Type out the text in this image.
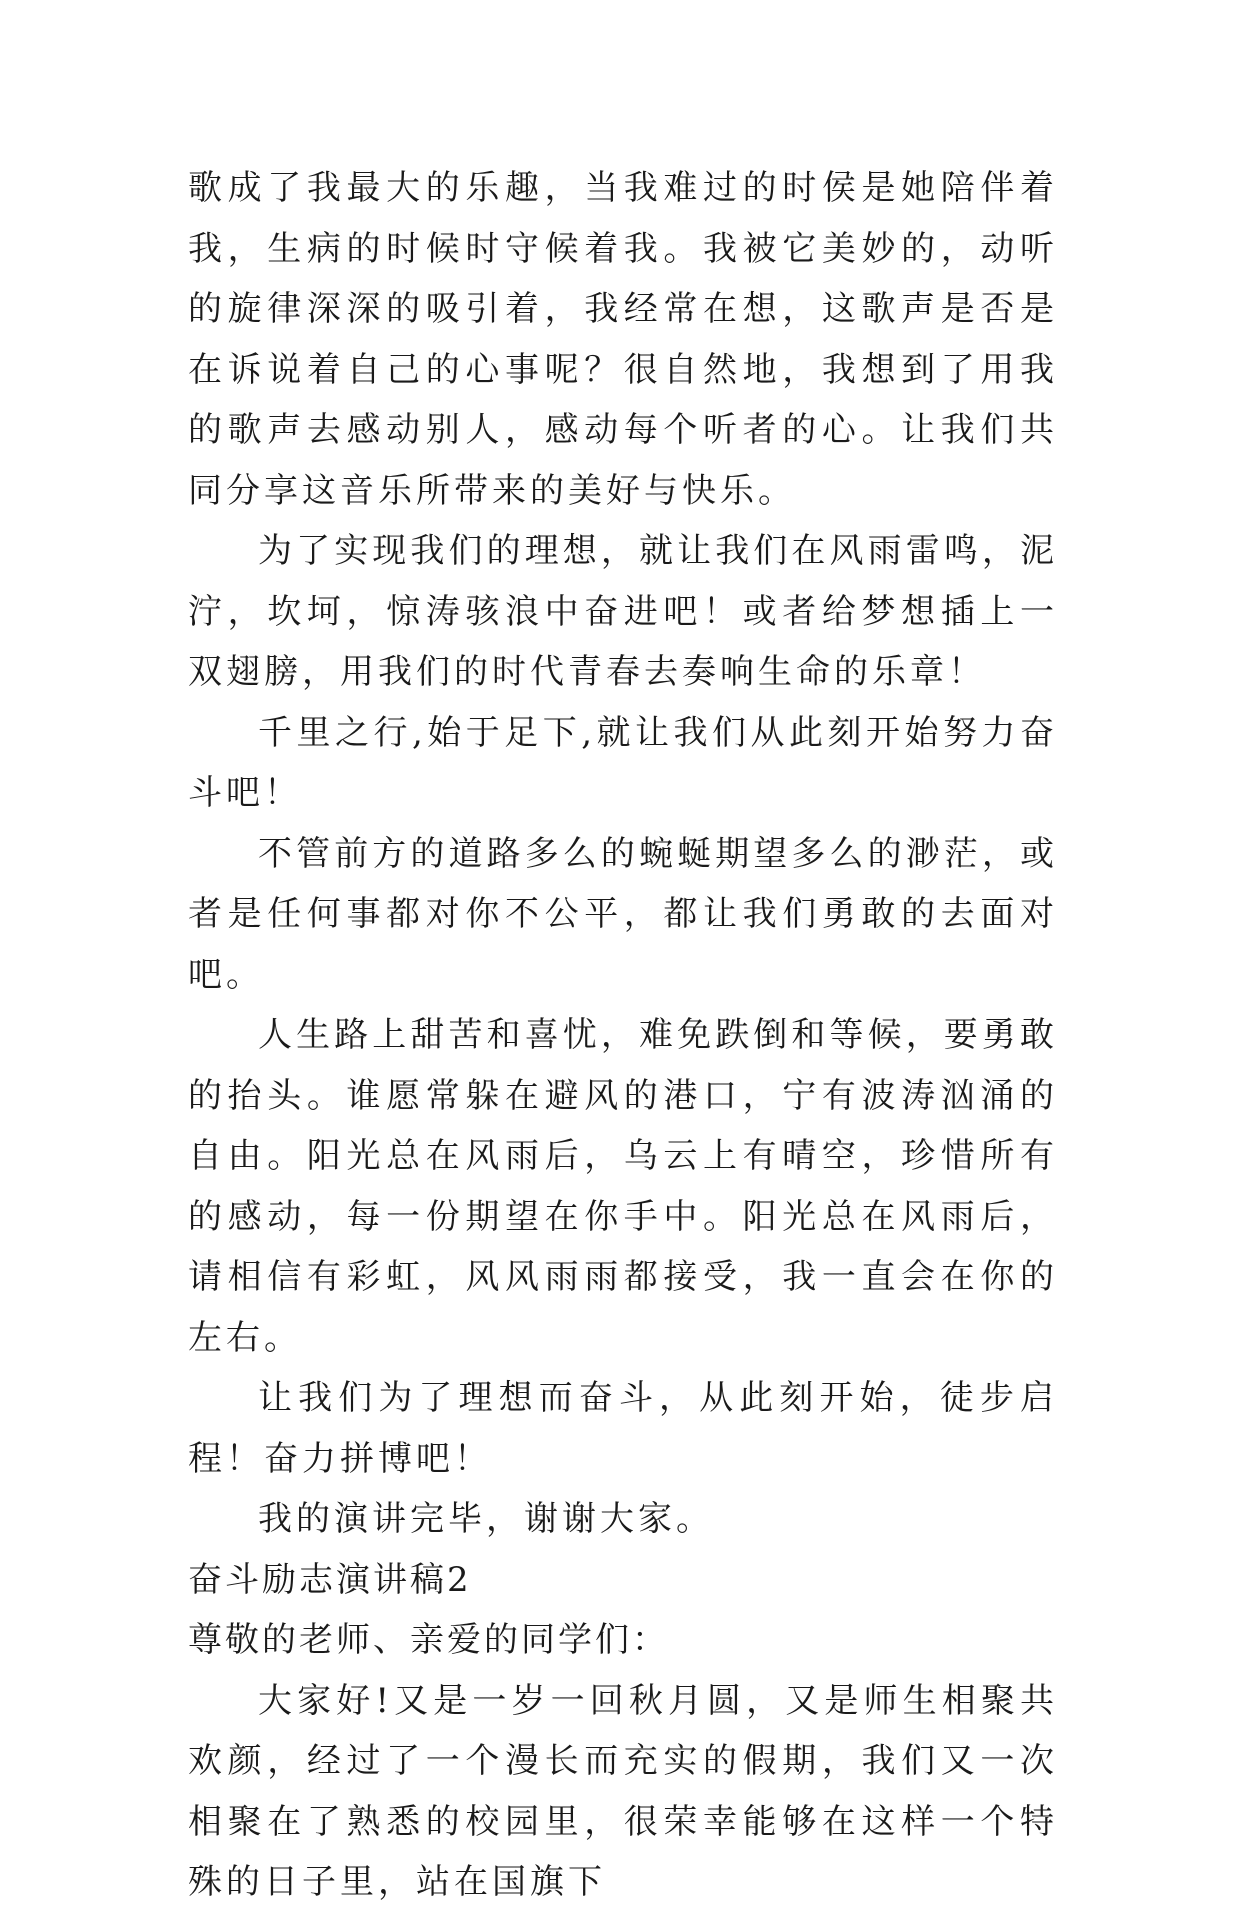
歌成了我最大的乐趣，当我难过的时侯是她陪伴着我，生病的时候时守候着我。我被它美妙的，动听的旋律深深的吸引着，我经常在想，这歌声是否是在诉说着自己的心事呢？很自然地，我想到了用我的歌声去感动别人，感动每个听者的心。让我们共同分享这音乐所带来的美好与快乐。

为了实现我们的理想，就让我们在风雨雷鸣，泥泞，坎坷，惊涛骇浪中奋进吧！或者给梦想插上一双翅膀，用我们的时代青春去奏响生命的乐章！

千里之行,始于足下,就让我们从此刻开始努力奋斗吧！

不管前方的道路多么的蜿蜒期望多么的渺茫，或者是任何事都对你不公平，都让我们勇敢的去面对吧。

人生路上甜苦和喜忧，难免跌倒和等候，要勇敢的抬头。谁愿常躲在避风的港口，宁有波涛汹涌的自由。阳光总在风雨后，乌云上有晴空，珍惜所有的感动，每一份期望在你手中。阳光总在风雨后，请相信有彩虹，风风雨雨都接受，我一直会在你的左右。

让我们为了理想而奋斗，从此刻开始，徒步启程！奋力拼博吧！

我的演讲完毕，谢谢大家。

奋斗励志演讲稿2

尊敬的老师、亲爱的同学们：

大家好!又是一岁一回秋月圆，又是师生相聚共欢颜，经过了一个漫长而充实的假期，我们又一次相聚在了熟悉的校园里，很荣幸能够在这样一个特殊的日子里，站在国旗下
